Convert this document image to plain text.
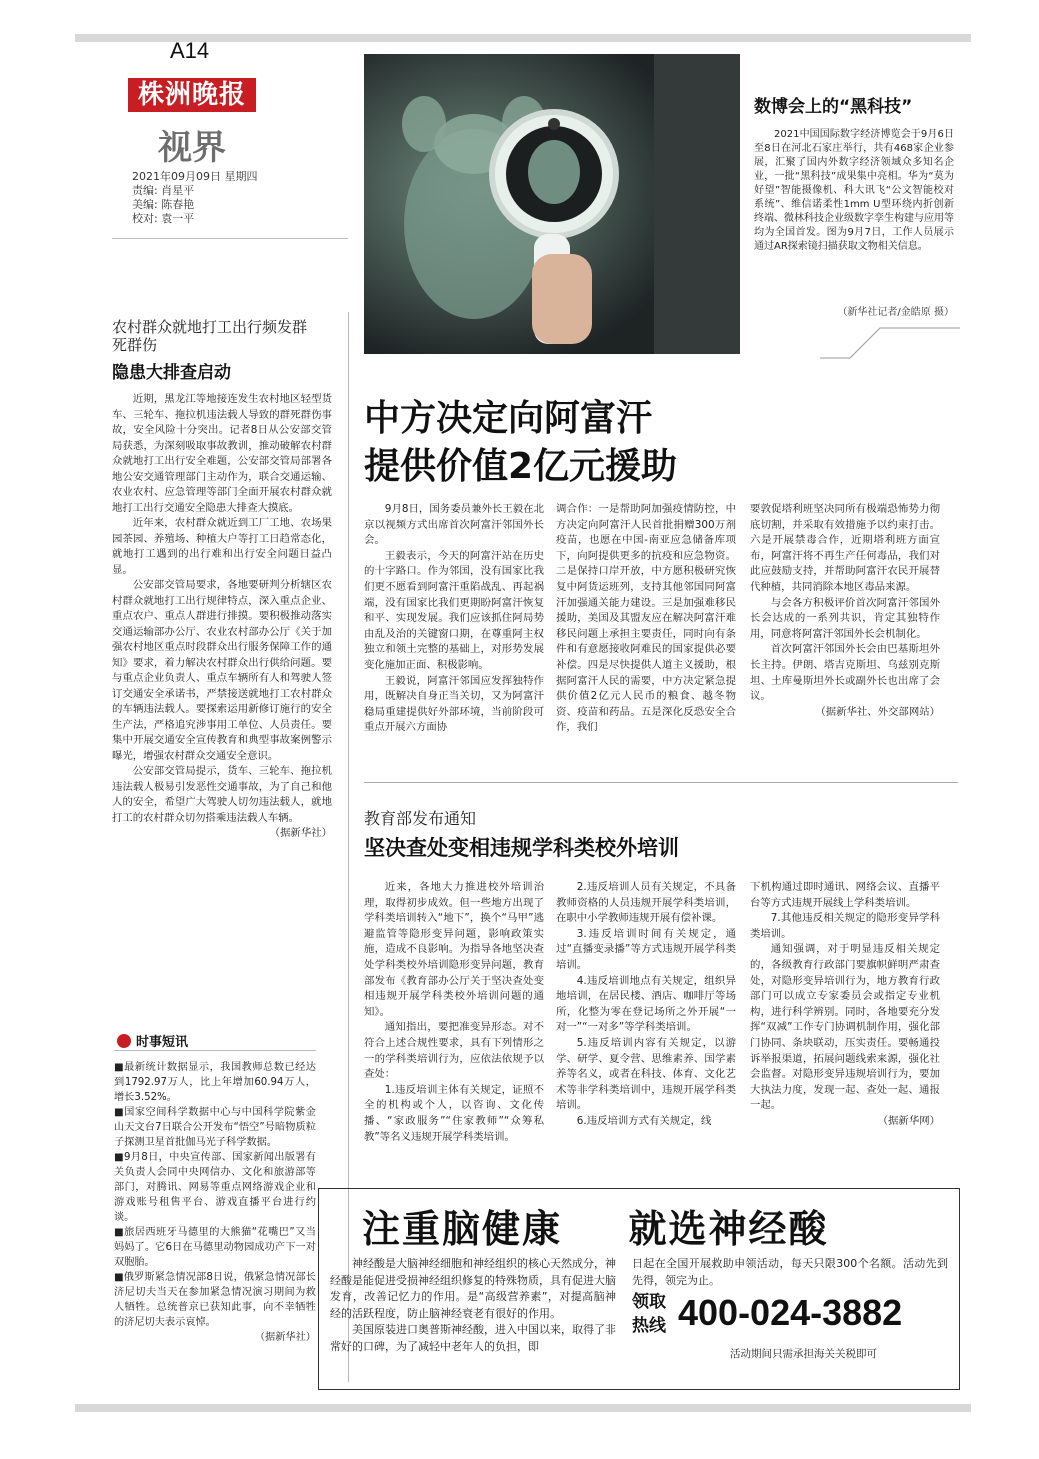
A14
株洲晚报
视界
2021年09月09日 星期四
责编: 肖星平
美编: 陈春艳
校对: 袁一平
数博会上的“黑科技”
2021中国国际数字经济博览会于9月6日至8日在河北石家庄举行，共有468家企业参展，汇聚了国内外数字经济领域众多知名企业，一批“黑科技”成果集中亮相。华为“莫为好望”智能摄像机、科大讯飞“公文智能校对系统”、维信诺柔性1mm U型环绕内折创新终端、微林科技企业级数字孪生构建与应用等均为全国首发。图为9月7日，工作人员展示通过AR探索镜扫描获取文物相关信息。
（新华社记者/金皓原 摄）
农村群众就地打工出行频发群死群伤
隐患大排查启动

近期，黑龙江等地接连发生农村地区轻型货车、三轮车、拖拉机违法载人导致的群死群伤事故，安全风险十分突出。记者8日从公安部交管局获悉，为深刻吸取事故教训，推动破解农村群众就地打工出行安全难题，公安部交管局部署各地公安交通管理部门主动作为，联合交通运输、农业农村、应急管理等部门全面开展农村群众就地打工出行交通安全隐患大排查大摸底。

近年来，农村群众就近到工厂工地、农场果园茶园、养殖场、种植大户等打工日趋常态化，就地打工遇到的出行难和出行安全问题日益凸显。

公安部交管局要求，各地要研判分析辖区农村群众就地打工出行规律特点，深入重点企业、重点农户、重点人群进行排摸。要积极推动落实交通运输部办公厅、农业农村部办公厅《关于加强农村地区重点时段群众出行服务保障工作的通知》要求，着力解决农村群众出行供给问题。要与重点企业负责人、重点车辆所有人和驾驶人签订交通安全承诺书，严禁接送就地打工农村群众的车辆违法载人。要探索运用新修订施行的安全生产法，严格追究涉事用工单位、人员责任。要集中开展交通安全宣传教育和典型事故案例警示曝光，增强农村群众交通安全意识。

公安部交管局提示，货车、三轮车、拖拉机违法载人极易引发恶性交通事故，为了自己和他人的安全，希望广大驾驶人切勿违法载人，就地打工的农村群众切勿搭乘违法载人车辆。

（据新华社）
时事短讯

■最新统计数据显示，我国教师总数已经达到1792.97万人，比上年增加60.94万人，增长3.52%。

■国家空间科学数据中心与中国科学院紫金山天文台7日联合公开发布“悟空”号暗物质粒子探测卫星首批伽马光子科学数据。

■9月8日，中央宣传部、国家新闻出版署有关负责人会同中央网信办、文化和旅游部等部门，对腾讯、网易等重点网络游戏企业和游戏账号租售平台、游戏直播平台进行约谈。

■旅居西班牙马德里的大熊猫“花嘴巴”又当妈妈了。它6日在马德里动物园成功产下一对双胞胎。

■俄罗斯紧急情况部8日说，俄紧急情况部长济尼切夫当天在参加紧急情况演习期间为救人牺牲。总统普京已获知此事，向不幸牺牲的济尼切夫表示哀悼。

（据新华社）
中方决定向阿富汗
提供价值2亿元援助

9月8日，国务委员兼外长王毅在北京以视频方式出席首次阿富汗邻国外长会。

王毅表示，今天的阿富汗站在历史的十字路口。作为邻国，没有国家比我们更不愿看到阿富汗重陷战乱、再起祸端，没有国家比我们更期盼阿富汗恢复和平、实现发展。我们应该抓住阿局势由乱及治的关键窗口期，在尊重阿主权独立和领土完整的基础上，对形势发展变化施加正面、积极影响。

王毅说，阿富汗邻国应发挥独特作用，既解决自身正当关切，又为阿富汗稳局重建提供好外部环境，当前阶段可重点开展六方面协

调合作：一是帮助阿加强疫情防控，中方决定向阿富汗人民首批捐赠300万剂疫苗，也愿在中国-南亚应急储备库项下，向阿提供更多的抗疫和应急物资。二是保持口岸开放，中方愿积极研究恢复中阿货运班列，支持其他邻国同阿富汗加强通关能力建设。三是加强难移民援助，美国及其盟友应在解决阿富汗难移民问题上承担主要责任，同时向有条件和有意愿接收阿难民的国家提供必要补偿。四是尽快提供人道主义援助，根据阿富汗人民的需要，中方决定紧急提供价值2亿元人民币的粮食、越冬物资、疫苗和药品。五是深化反恐安全合作，我们

要敦促塔利班坚决同所有极端恐怖势力彻底切割，并采取有效措施予以约束打击。六是开展禁毒合作，近期塔利班方面宣布，阿富汗将不再生产任何毒品，我们对此应鼓励支持，并帮助阿富汗农民开展替代种植，共同消除本地区毒品来源。

与会各方积极评价首次阿富汗邻国外长会达成的一系列共识，肯定其独特作用，同意将阿富汗邻国外长会机制化。

首次阿富汗邻国外长会由巴基斯坦外长主持。伊朗、塔吉克斯坦、乌兹别克斯坦、土库曼斯坦外长或副外长也出席了会议。

（据新华社、外交部网站）
教育部发布通知
坚决查处变相违规学科类校外培训

近来，各地大力推进校外培训治理，取得初步成效。但一些地方出现了学科类培训转入“地下”，换个“马甲”逃避监管等隐形变异问题，影响政策实施，造成不良影响。为指导各地坚决查处学科类校外培训隐形变异问题，教育部发布《教育部办公厅关于坚决查处变相违规开展学科类校外培训问题的通知》。

通知指出，要把准变异形态。对不符合上述合规性要求，具有下列情形之一的学科类培训行为，应依法依规予以查处：

1.违反培训主体有关规定，证照不全的机构或个人，以咨询、文化传播、“家政服务”“住家教师”“众筹私教”等名义违规开展学科类培训。

2.违反培训人员有关规定，不具备教师资格的人员违规开展学科类培训，在职中小学教师违规开展有偿补课。

3.违反培训时间有关规定，通过“直播变录播”等方式违规开展学科类培训。

4.违反培训地点有关规定，组织异地培训，在居民楼、酒店、咖啡厅等场所，化整为零在登记场所之外开展“一对一”“一对多”等学科类培训。

5.违反培训内容有关规定，以游学、研学、夏令营、思维素养、国学素养等名义，或者在科技、体育、文化艺术等非学科类培训中，违规开展学科类培训。

6.违反培训方式有关规定，线

下机构通过即时通讯、网络会议、直播平台等方式违规开展线上学科类培训。

7.其他违反相关规定的隐形变异学科类培训。

通知强调，对于明显违反相关规定的，各级教育行政部门要旗帜鲜明严肃查处，对隐形变异培训行为，地方教育行政部门可以成立专家委员会或指定专业机构，进行科学辨别。同时，各地要充分发挥“双减”工作专门协调机制作用，强化部门协同、条块联动，压实责任。要畅通投诉举报渠道，拓展问题线索来源，强化社会监督。对隐形变异违规培训行为，要加大执法力度，发现一起、查处一起、通报一起。

（据新华网）
注重脑健康 就选神经酸

神经酸是大脑神经细胞和神经组织的核心天然成分，神经酸是能促进受损神经组织修复的特殊物质，具有促进大脑发育，改善记忆力的作用。是“高级营养素”，对提高脑神经的活跃程度，防止脑神经衰老有很好的作用。

美国原装进口奥普斯神经酸，进入中国以来，取得了非常好的口碑，为了减轻中老年人的负担，即

日起在全国开展救助申领活动，每天只限300个名额。活动先到先得，领完为止。
领取
热线 400-024-3882
活动期间只需承担海关关税即可
